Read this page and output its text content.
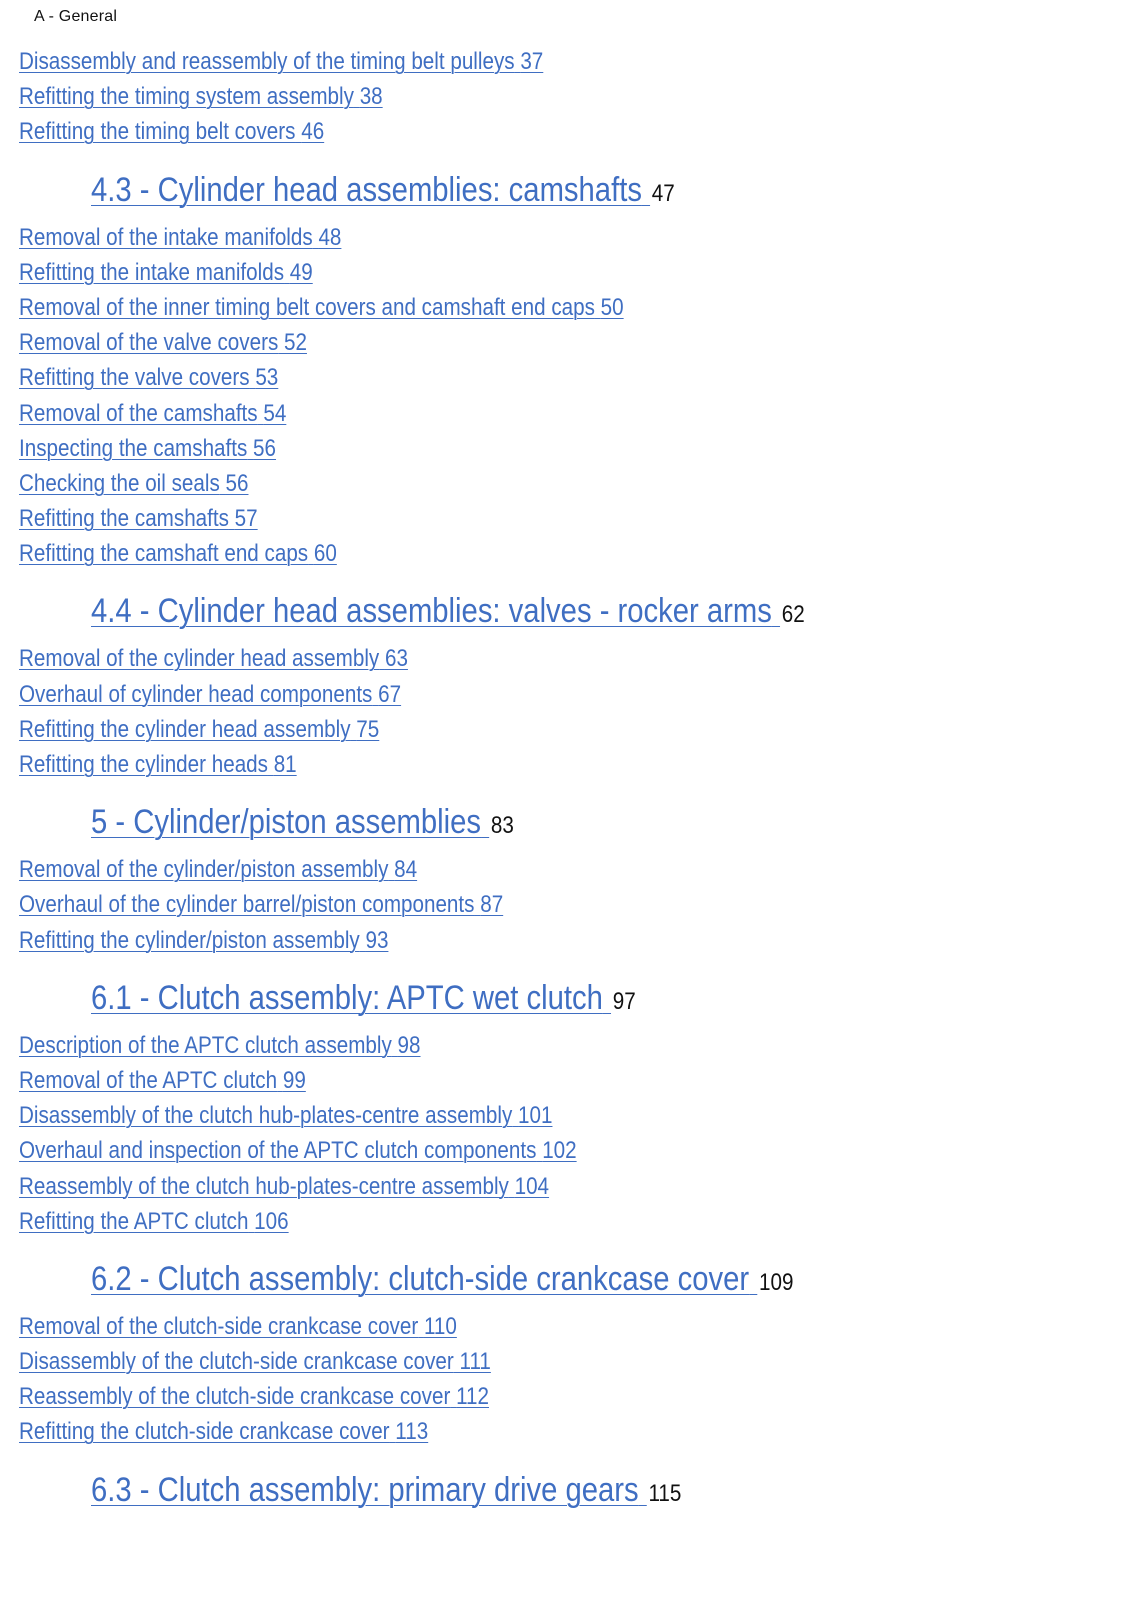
A - General
Disassembly and reassembly of the timing belt pulleys 37
Refitting the timing system assembly 38
Refitting the timing belt covers 46
4.3 - Cylinder head assemblies: camshafts 47
Removal of the intake manifolds 48
Refitting the intake manifolds 49
Removal of the inner timing belt covers and camshaft end caps 50
Removal of the valve covers 52
Refitting the valve covers 53
Removal of the camshafts 54
Inspecting the camshafts 56
Checking the oil seals 56
Refitting the camshafts 57
Refitting the camshaft end caps 60
4.4 - Cylinder head assemblies: valves - rocker arms 62
Removal of the cylinder head assembly 63
Overhaul of cylinder head components 67
Refitting the cylinder head assembly 75
Refitting the cylinder heads 81
5 - Cylinder/piston assemblies 83
Removal of the cylinder/piston assembly 84
Overhaul of the cylinder barrel/piston components 87
Refitting the cylinder/piston assembly 93
6.1 - Clutch assembly: APTC wet clutch 97
Description of the APTC clutch assembly 98
Removal of the APTC clutch 99
Disassembly of the clutch hub-plates-centre assembly 101
Overhaul and inspection of the APTC clutch components 102
Reassembly of the clutch hub-plates-centre assembly 104
Refitting the APTC clutch 106
6.2 - Clutch assembly: clutch-side crankcase cover 109
Removal of the clutch-side crankcase cover 110
Disassembly of the clutch-side crankcase cover 111
Reassembly of the clutch-side crankcase cover 112
Refitting the clutch-side crankcase cover 113
6.3 - Clutch assembly: primary drive gears 115
